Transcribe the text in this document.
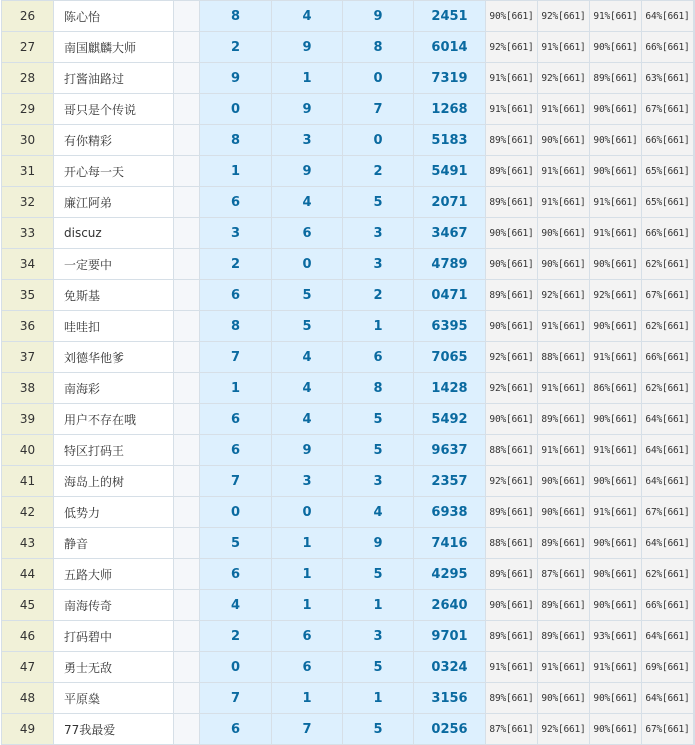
26	陈心怡		8	4	9	2451	90%[661]	92%[661]	91%[661]	64%[661]	
27	南国麒麟大师		2	9	8	6014	92%[661]	91%[661]	90%[661]	66%[661]	
28	打酱油路过		9	1	0	7319	91%[661]	92%[661]	89%[661]	63%[661]	
29	哥只是个传说		0	9	7	1268	91%[661]	91%[661]	90%[661]	67%[661]	
30	有你精彩		8	3	0	5183	89%[661]	90%[661]	90%[661]	66%[661]	
31	开心每一天		1	9	2	5491	89%[661]	91%[661]	90%[661]	65%[661]	
32	廉江阿弟		6	4	5	2071	89%[661]	91%[661]	91%[661]	65%[661]	
33	discuz		3	6	3	3467	90%[661]	90%[661]	91%[661]	66%[661]	
34	一定要中		2	0	3	4789	90%[661]	90%[661]	90%[661]	62%[661]	
35	免斯基		6	5	2	0471	89%[661]	92%[661]	92%[661]	67%[661]	
36	哇哇扣		8	5	1	6395	90%[661]	91%[661]	90%[661]	62%[661]	
37	刘德华他爹		7	4	6	7065	92%[661]	88%[661]	91%[661]	66%[661]	
38	南海彩		1	4	8	1428	92%[661]	91%[661]	86%[661]	62%[661]	
39	用户不存在哦		6	4	5	5492	90%[661]	89%[661]	90%[661]	64%[661]	
40	特区打码王		6	9	5	9637	88%[661]	91%[661]	91%[661]	64%[661]	
41	海岛上的树		7	3	3	2357	92%[661]	90%[661]	90%[661]	64%[661]	
42	低势力		0	0	4	6938	89%[661]	90%[661]	91%[661]	67%[661]	
43	静音		5	1	9	7416	88%[661]	89%[661]	90%[661]	64%[661]	
44	五路大师		6	1	5	4295	89%[661]	87%[661]	90%[661]	62%[661]	
45	南海传奇		4	1	1	2640	90%[661]	89%[661]	90%[661]	66%[661]	
46	打码碧中		2	6	3	9701	89%[661]	89%[661]	93%[661]	64%[661]	
47	勇士无敌		0	6	5	0324	91%[661]	91%[661]	91%[661]	69%[661]	
48	平原燊		7	1	1	3156	89%[661]	90%[661]	90%[661]	64%[661]	
49	77我最爱		6	7	5	0256	87%[661]	92%[661]	90%[661]	67%[661]	
